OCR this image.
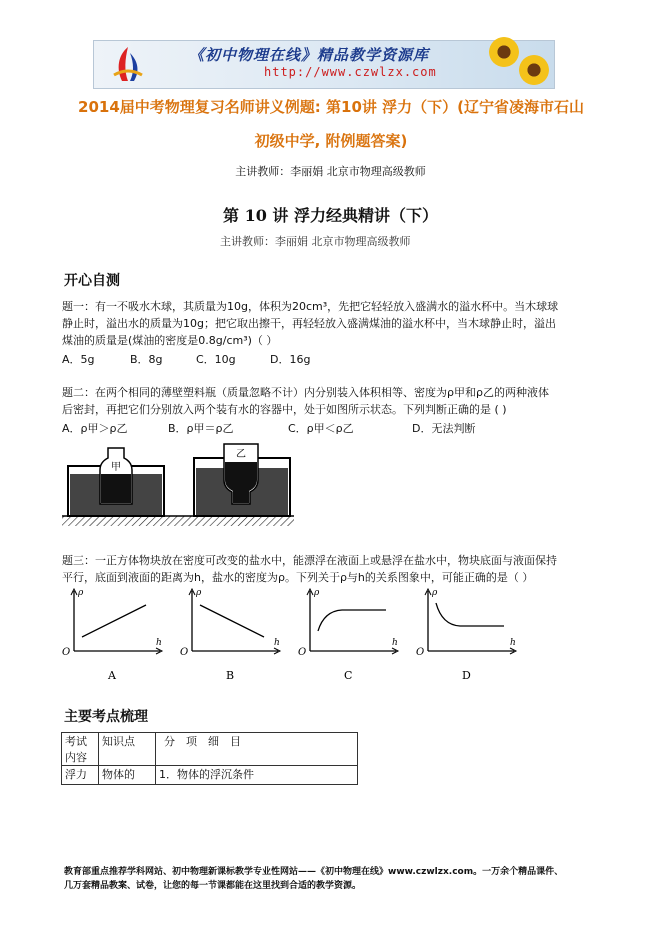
《初中物理在线》精品教学资源库
http://www.czwlzx.com
2014届中考物理复习名师讲义例题: 第10讲 浮力（下）(辽宁省凌海市石山
初级中学, 附例题答案)
主讲教师：李丽娟 北京市物理高级教师
第 10 讲 浮力经典精讲（下）
主讲教师：李丽娟 北京市物理高级教师
开心自测
题一：有一不吸水木球，其质量为10g，体积为20cm³，先把它轻轻放入盛满水的溢水杯中。当木球球
静止时，溢出水的质量为10g；把它取出擦干，再轻轻放入盛满煤油的溢水杯中，当木球静止时，溢出
煤油的质量是(煤油的密度是0.8g/cm³)（ ）
A．5g	B．8g	C．10g	D．16g
题二：在两个相同的薄壁塑料瓶（质量忽略不计）内分别装入体积相等、密度为ρ甲和ρ乙的两种液体
后密封，再把它们分别放入两个装有水的容器中，处于如图所示状态。下列判断正确的是 ( )
A．ρ甲＞ρ乙	B．ρ甲＝ρ乙	C．ρ甲＜ρ乙	D．无法判断
甲
乙
题三：一正方体物块放在密度可改变的盐水中，能漂浮在液面上或悬浮在盐水中，物块底面与液面保持
平行，底面到液面的距离为h，盐水的密度为ρ。下列关于ρ与h的关系图象中，可能正确的是（ ）
ρ
h
O
A
ρ
h
O
B
ρ
h
O
C
ρ
h
O
D
主要考点梳理
考试内容	知识点	分　项　细　目
浮力	物体的	1．物体的浮沉条件
教育部重点推荐学科网站、初中物理新课标教学专业性网站——《初中物理在线》www.czwlzx.com。一万余个精品课件、
几万套精品教案、试卷，让您的每一节课都能在这里找到合适的教学资源。
